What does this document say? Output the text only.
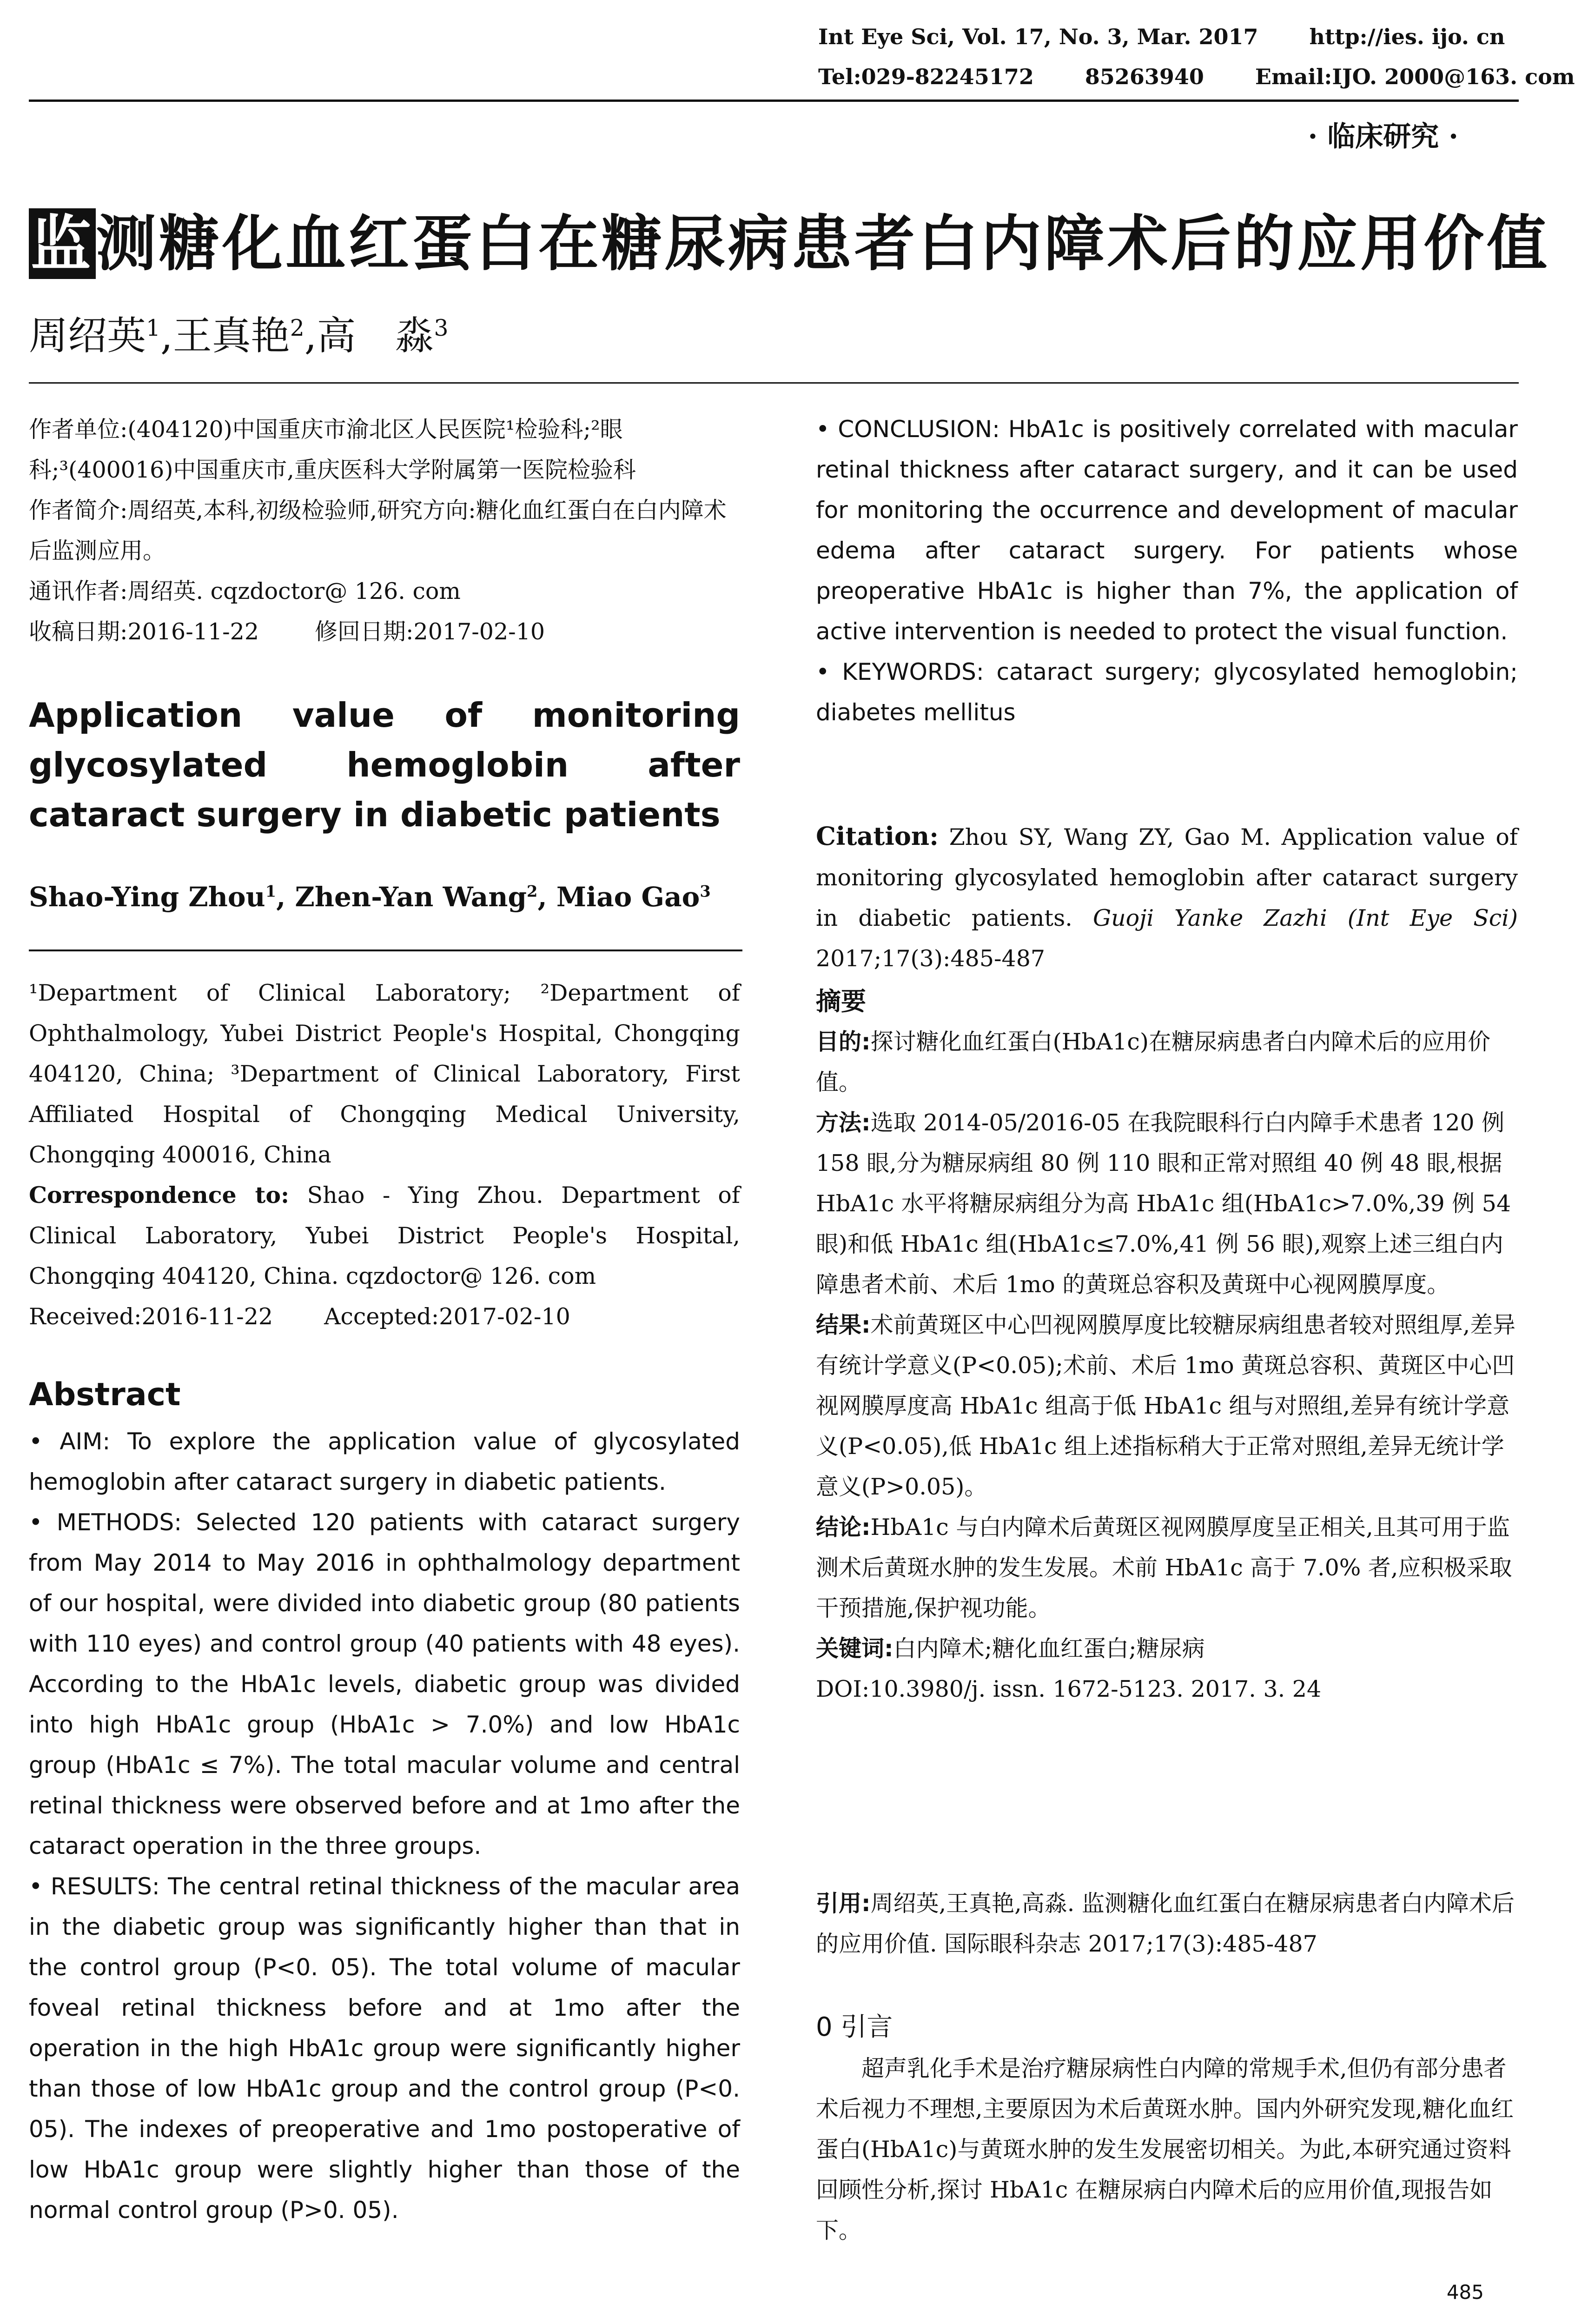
Int Eye Sci, Vol. 17, No. 3, Mar. 2017 http://ies. ijo. cn
Tel:029-82245172 85263940 Email:IJO. 2000@163. com
· 临床研究 ·
监测糖化血红蛋白在糖尿病患者白内障术后的应用价值
周绍英$^1$,王真艳$^2$,高　淼$^3$

作者单位:(404120)中国重庆市渝北区人民医院¹检验科;²眼科;³(400016)中国重庆市,重庆医科大学附属第一医院检验科

作者简介:周绍英,本科,初级检验师,研究方向:糖化血红蛋白在白内障术后监测应用。

通讯作者:周绍英. cqzdoctor@ 126. com

收稿日期:2016-11-22 修回日期:2017-02-10

Application value of monitoring glycosylated hemoglobin after cataract surgery in diabetic patients
Shao-Ying Zhou$^1$, Zhen-Yan Wang$^2$, Miao Gao$^3$

¹Department of Clinical Laboratory; ²Department of Ophthalmology, Yubei District People's Hospital, Chongqing 404120, China; ³Department of Clinical Laboratory, First Affiliated Hospital of Chongqing Medical University, Chongqing 400016, China

Correspondence to: Shao - Ying Zhou. Department of Clinical Laboratory, Yubei District People's Hospital, Chongqing 404120, China. cqzdoctor@ 126. com

Received:2016-11-22 Accepted:2017-02-10

Abstract

• AIM: To explore the application value of glycosylated hemoglobin after cataract surgery in diabetic patients.

• METHODS: Selected 120 patients with cataract surgery from May 2014 to May 2016 in ophthalmology department of our hospital, were divided into diabetic group (80 patients with 110 eyes) and control group (40 patients with 48 eyes). According to the HbA1c levels, diabetic group was divided into high HbA1c group (HbA1c > 7.0%) and low HbA1c group (HbA1c ≤ 7%). The total macular volume and central retinal thickness were observed before and at 1mo after the cataract operation in the three groups.

• RESULTS: The central retinal thickness of the macular area in the diabetic group was significantly higher than that in the control group (P<0. 05). The total volume of macular foveal retinal thickness before and at 1mo after the operation in the high HbA1c group were significantly higher than those of low HbA1c group and the control group (P<0. 05). The indexes of preoperative and 1mo postoperative of low HbA1c group were slightly higher than those of the normal control group (P>0. 05).

• CONCLUSION: HbA1c is positively correlated with macular retinal thickness after cataract surgery, and it can be used for monitoring the occurrence and development of macular edema after cataract surgery. For patients whose preoperative HbA1c is higher than 7%, the application of active intervention is needed to protect the visual function.

• KEYWORDS: cataract surgery; glycosylated hemoglobin; diabetes mellitus

Citation: Zhou SY, Wang ZY, Gao M. Application value of monitoring glycosylated hemoglobin after cataract surgery in diabetic patients. Guoji Yanke Zazhi (Int Eye Sci) 2017;17(3):485-487

摘要

目的:探讨糖化血红蛋白(HbA1c)在糖尿病患者白内障术后的应用价值。

方法:选取 2014-05/2016-05 在我院眼科行白内障手术患者 120 例 158 眼,分为糖尿病组 80 例 110 眼和正常对照组 40 例 48 眼,根据 HbA1c 水平将糖尿病组分为高 HbA1c 组(HbA1c>7.0%,39 例 54 眼)和低 HbA1c 组(HbA1c≤7.0%,41 例 56 眼),观察上述三组白内障患者术前、术后 1mo 的黄斑总容积及黄斑中心视网膜厚度。

结果:术前黄斑区中心凹视网膜厚度比较糖尿病组患者较对照组厚,差异有统计学意义(P<0.05);术前、术后 1mo 黄斑总容积、黄斑区中心凹视网膜厚度高 HbA1c 组高于低 HbA1c 组与对照组,差异有统计学意义(P<0.05),低 HbA1c 组上述指标稍大于正常对照组,差异无统计学意义(P>0.05)。

结论:HbA1c 与白内障术后黄斑区视网膜厚度呈正相关,且其可用于监测术后黄斑水肿的发生发展。术前 HbA1c 高于 7.0% 者,应积极采取干预措施,保护视功能。

关键词:白内障术;糖化血红蛋白;糖尿病

DOI:10.3980/j. issn. 1672-5123. 2017. 3. 24

引用:周绍英,王真艳,高淼. 监测糖化血红蛋白在糖尿病患者白内障术后的应用价值. 国际眼科杂志 2017;17(3):485-487
0 引言
超声乳化手术是治疗糖尿病性白内障的常规手术,但仍有部分患者术后视力不理想,主要原因为术后黄斑水肿。国内外研究发现,糖化血红蛋白(HbA1c)与黄斑水肿的发生发展密切相关。为此,本研究通过资料回顾性分析,探讨 HbA1c 在糖尿病白内障术后的应用价值,现报告如下。
485
